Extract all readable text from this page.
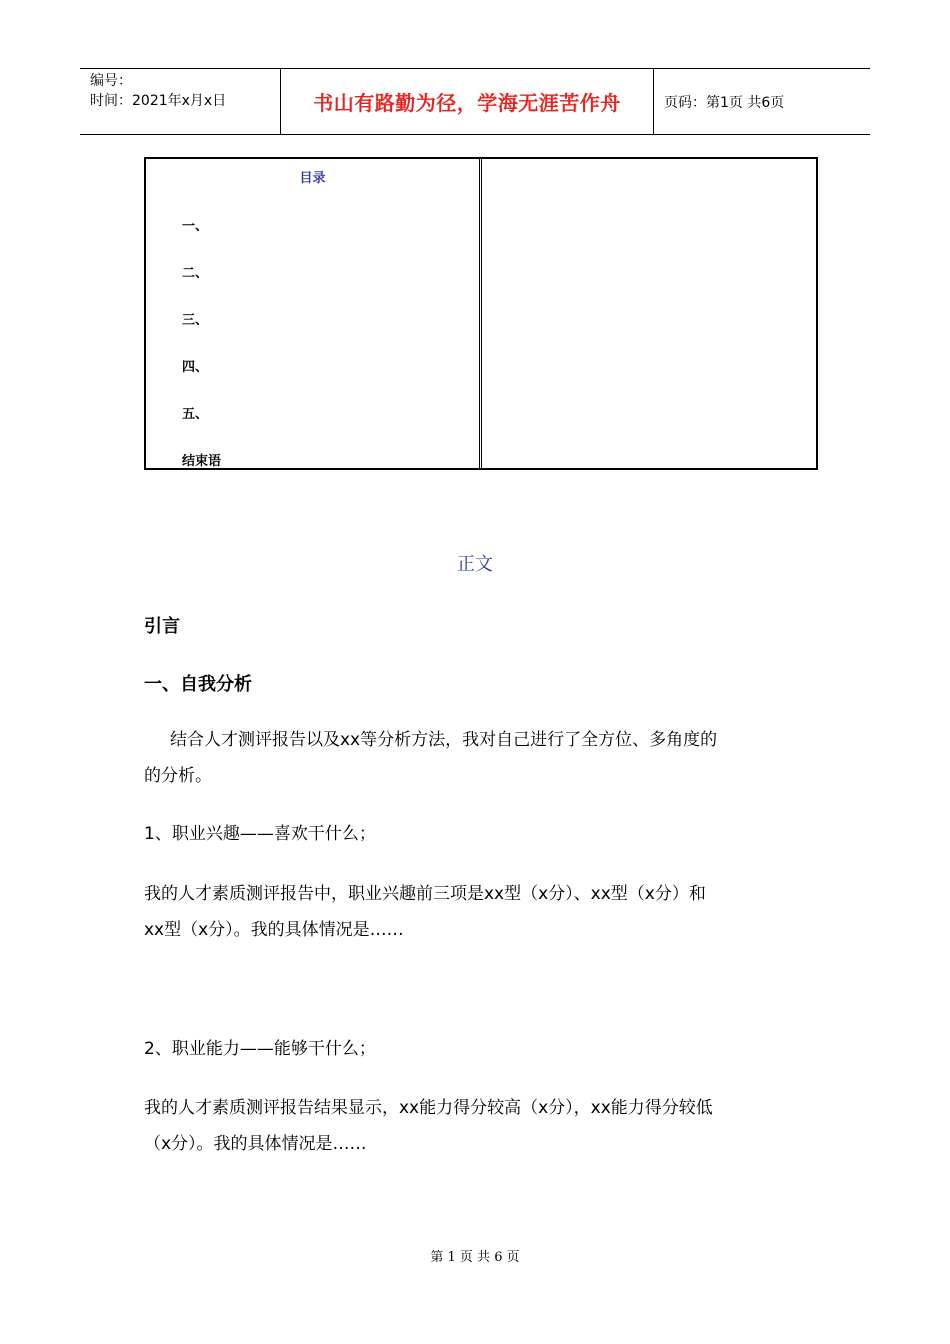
编号：
时间：2021年x月x日	书山有路勤为径，学海无涯苦作舟	页码：第1页 共6页
目录
一、
二、
三、
四、
五、
结束语
正文
引言
一、自我分析
结合人才测评报告以及xx等分析方法，我对自己进行了全方位、多角度的
的分析。
1、职业兴趣——喜欢干什么；
我的人才素质测评报告中，职业兴趣前三项是xx型（x分）、xx型（x分）和
xx型（x分）。我的具体情况是……
2、职业能力——能够干什么；
我的人才素质测评报告结果显示，xx能力得分较高（x分），xx能力得分较低
（x分）。我的具体情况是……
第 1 页 共 6 页
